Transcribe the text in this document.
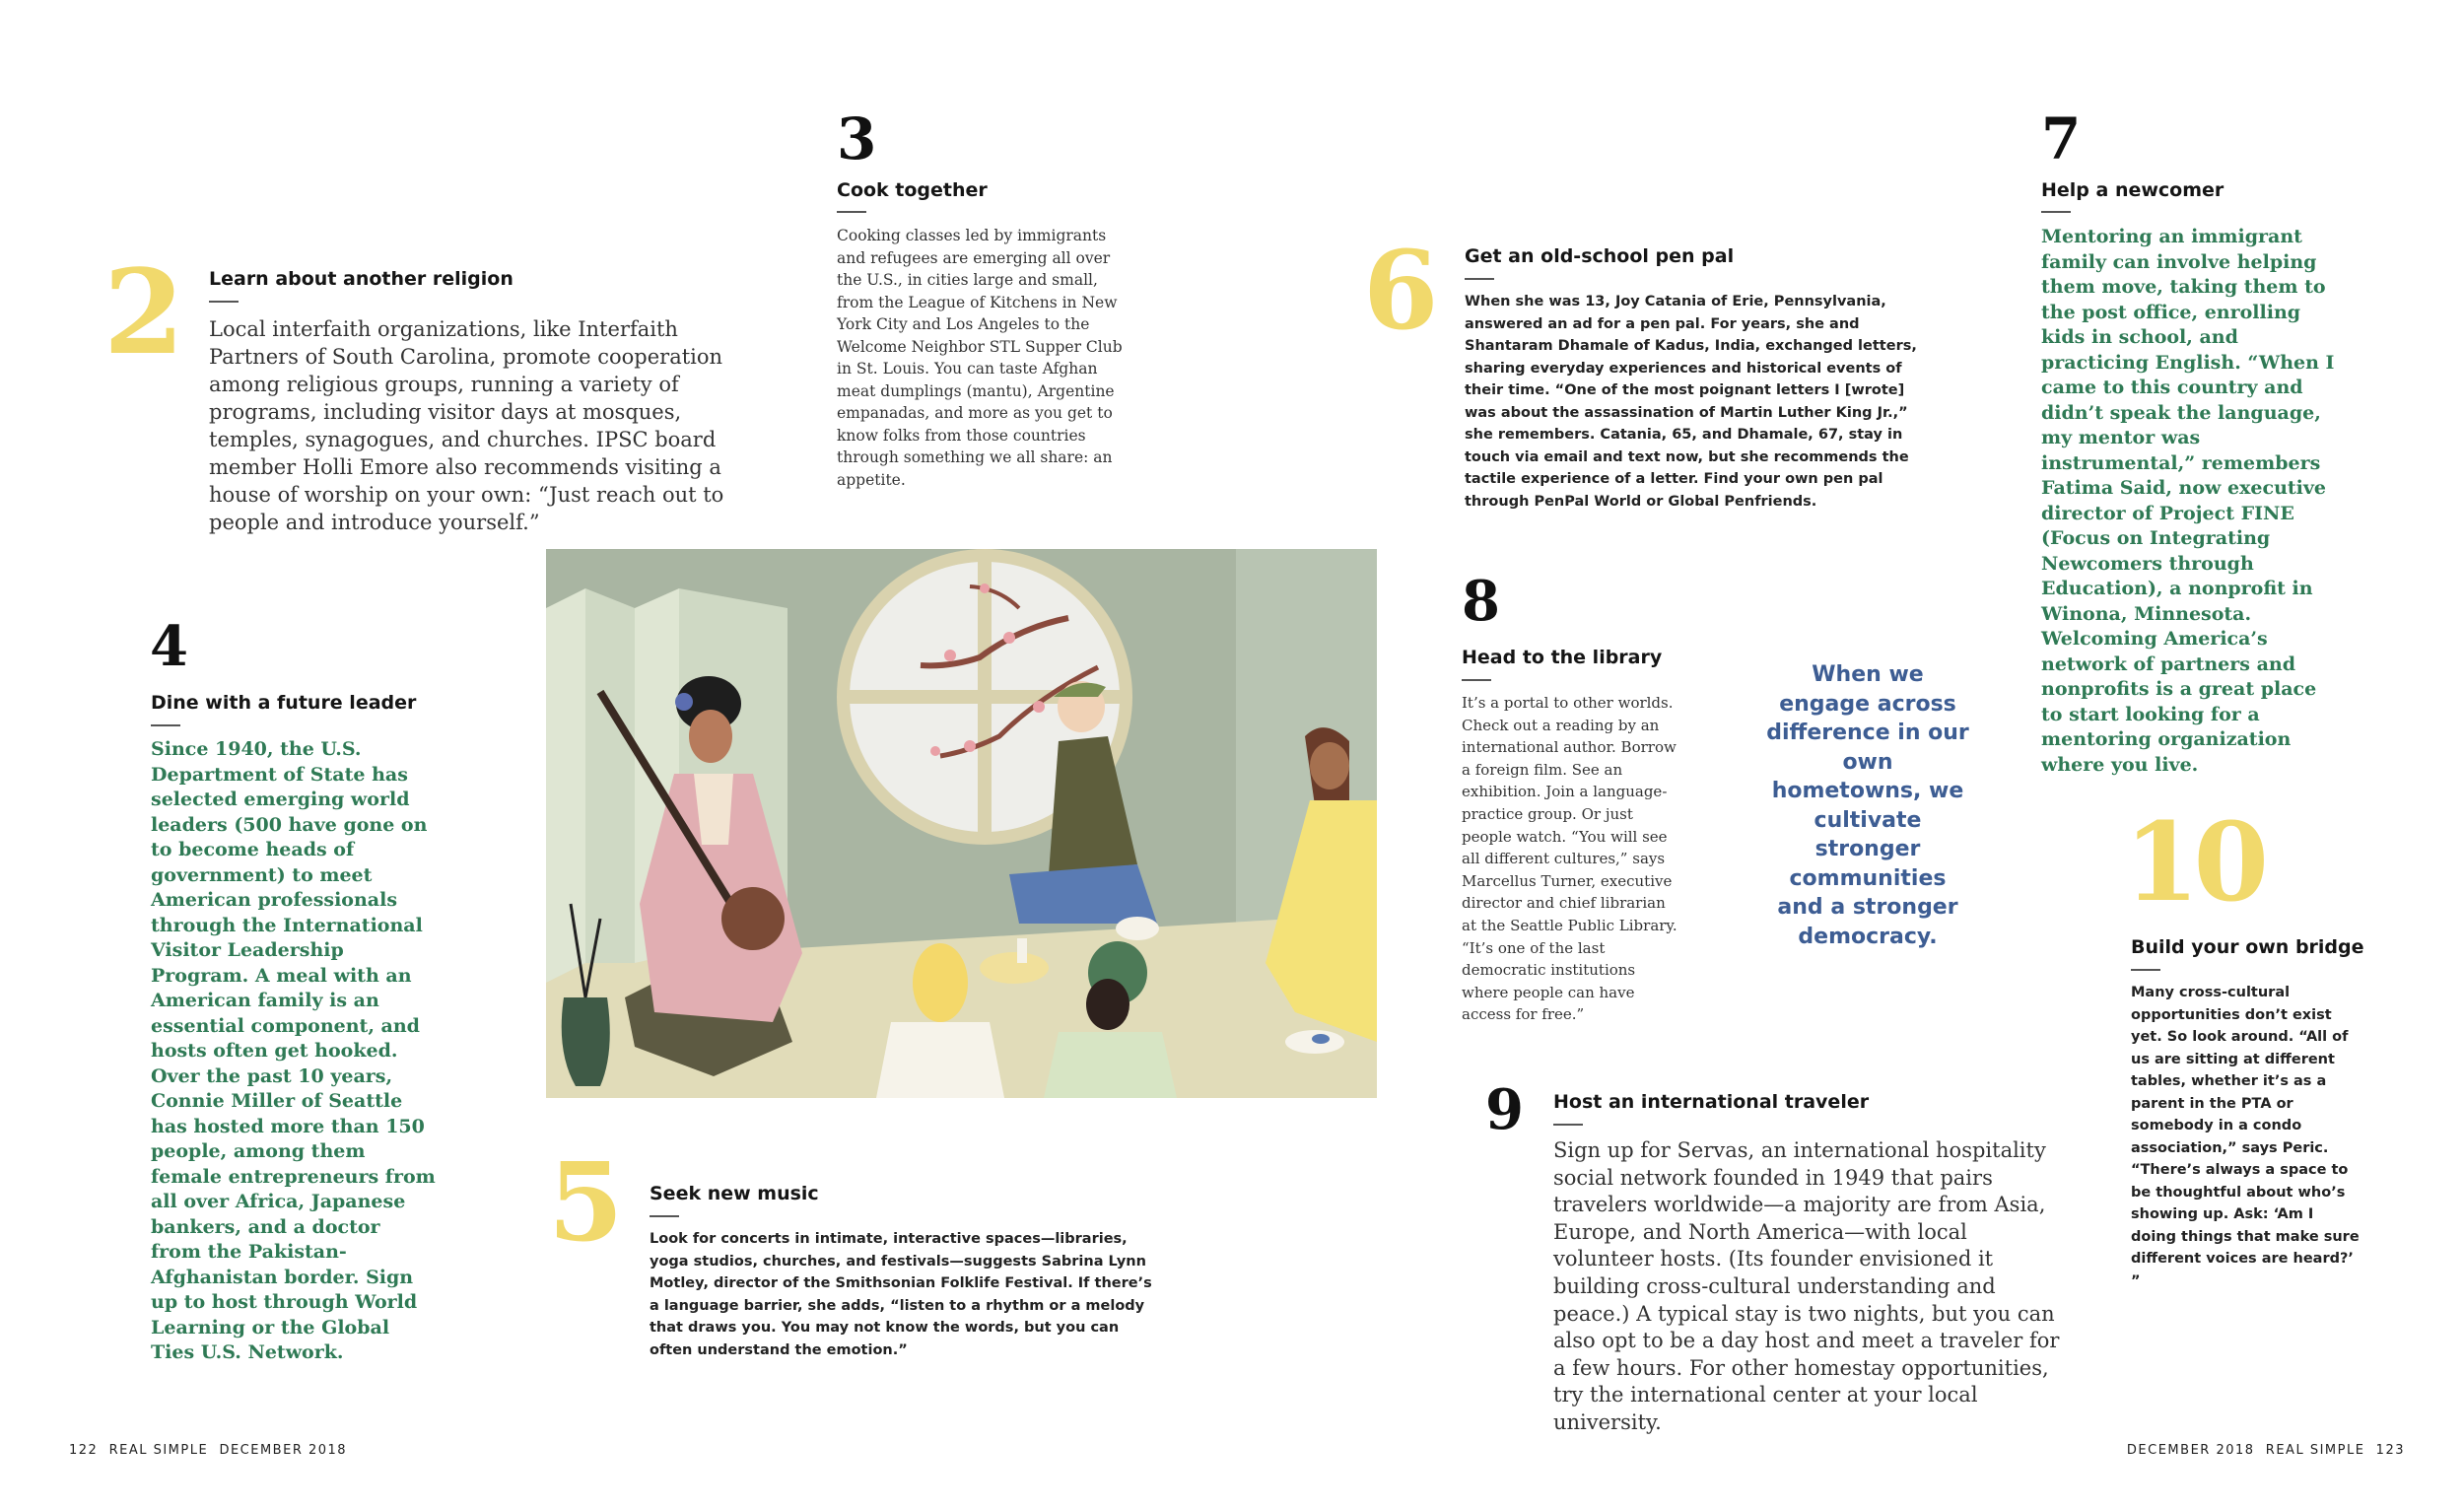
2 Learn about another religion
Local interfaith organizations, like Interfaith Partners of South Carolina, promote cooperation among religious groups, running a variety of programs, including visitor days at mosques, temples, synagogues, and churches. IPSC board member Holli Emore also recommends visiting a house of worship on your own: “Just reach out to people and introduce yourself.”
3
Cook together
Cooking classes led by immigrants and refugees are emerging all over the U.S., in cities large and small, from the League of Kitchens in New York City and Los Angeles to the Welcome Neighbor STL Supper Club in St. Louis. You can taste Afghan meat dumplings (mantu), Argentine empanadas, and more as you get to know folks from those countries through something we all share: an appetite.
4
Dine with a future leader
Since 1940, the U.S. Department of State has selected emerging world leaders (500 have gone on to become heads of government) to meet American professionals through the International Visitor Leadership Program. A meal with an American family is an essential component, and hosts often get hooked. Over the past 10 years, Connie Miller of Seattle has hosted more than 150 people, among them female entrepreneurs from all over Africa, Japanese bankers, and a doctor from the Pakistan-Afghanistan border. Sign up to host through World Learning or the Global Ties U.S. Network.
5 Seek new music
Look for concerts in intimate, interactive spaces—libraries, yoga studios, churches, and festivals—suggests Sabrina Lynn Motley, director of the Smithsonian Folklife Festival. If there’s a language barrier, she adds, “listen to a rhythm or a melody that draws you. You may not know the words, but you can often understand the emotion.”
6 Get an old-school pen pal
When she was 13, Joy Catania of Erie, Pennsylvania, answered an ad for a pen pal. For years, she and Shantaram Dhamale of Kadus, India, exchanged letters, sharing everyday experiences and historical events of their time. “One of the most poignant letters I [wrote] was about the assassination of Martin Luther King Jr.,” she remembers. Catania, 65, and Dhamale, 67, stay in touch via email and text now, but she recommends the tactile experience of a letter. Find your own pen pal through PenPal World or Global Penfriends.
7
Help a newcomer
Mentoring an immigrant family can involve helping them move, taking them to the post office, enrolling kids in school, and practicing English. “When I came to this country and didn’t speak the language, my mentor was instrumental,” remembers Fatima Said, now executive director of Project FINE (Focus on Integrating Newcomers through Education), a nonprofit in Winona, Minnesota. Welcoming America’s network of partners and nonprofits is a great place to start looking for a mentoring organization where you live.
8
Head to the library
It’s a portal to other worlds. Check out a reading by an international author. Borrow a foreign film. See an exhibition. Join a language-practice group. Or just people watch. “You will see all different cultures,” says Marcellus Turner, executive director and chief librarian at the Seattle Public Library. “It’s one of the last democratic institutions where people can have access for free.”
When we engage across difference in our own hometowns, we cultivate stronger communities and a stronger democracy.
9 Host an international traveler
Sign up for Servas, an international hospitality social network founded in 1949 that pairs travelers worldwide—a majority are from Asia, Europe, and North America—with local volunteer hosts. (Its founder envisioned it building cross-cultural understanding and peace.) A typical stay is two nights, but you can also opt to be a day host and meet a traveler for a few hours. For other homestay opportunities, try the international center at your local university.
10
Build your own bridge
Many cross-cultural opportunities don’t exist yet. So look around. “All of us are sitting at different tables, whether it’s as a parent in the PTA or somebody in a condo association,” says Peric. “There’s always a space to be thoughtful about who’s showing up. Ask: ‘Am I doing things that make sure different voices are heard?’ ”
122  REAL SIMPLE  DECEMBER 2018	DECEMBER 2018  REAL SIMPLE  123
